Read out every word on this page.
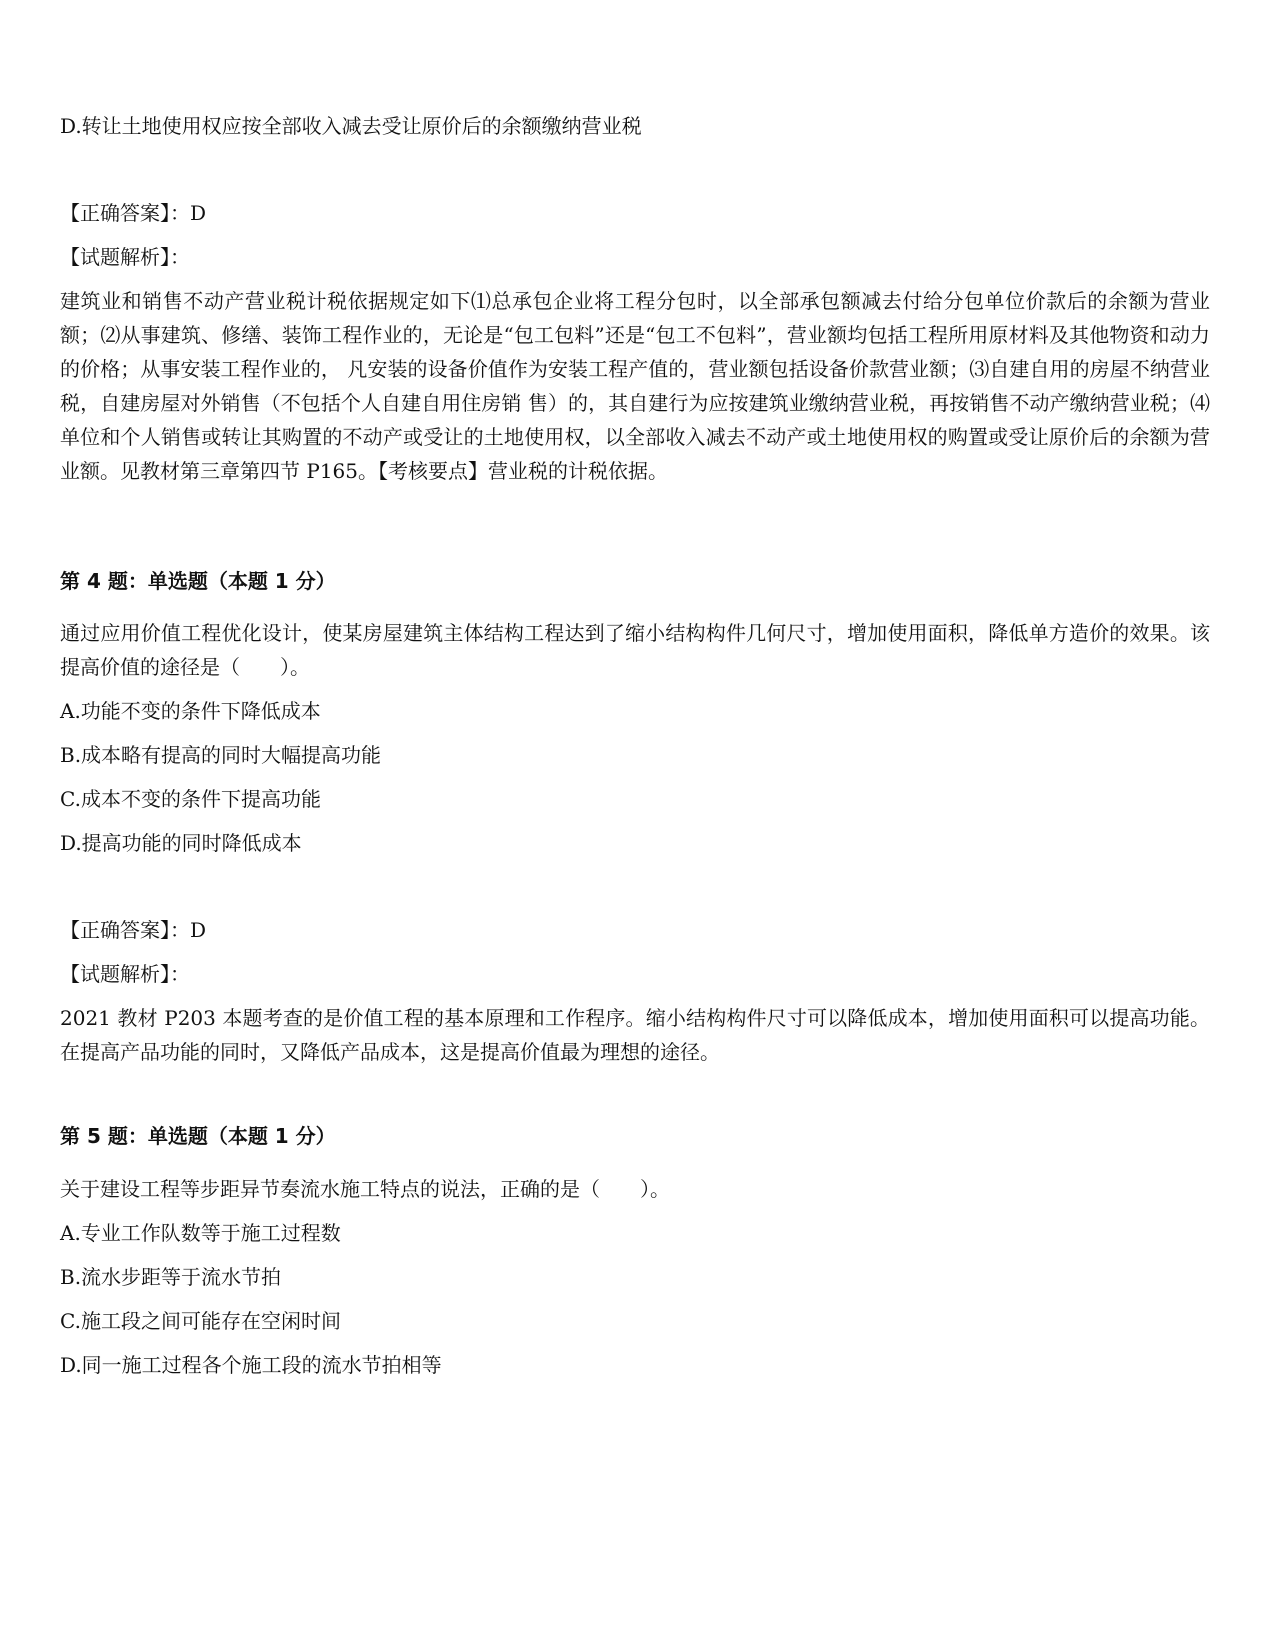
D.转让土地使用权应按全部收入减去受让原价后的余额缴纳营业税
【正确答案】：D
【试题解析】：
建筑业和销售不动产营业税计税依据规定如下⑴总承包企业将工程分包时，以全部承包额减去付给分包单位价款后的余额为营业额；⑵从事建筑、修缮、装饰工程作业的，无论是“包工包料”还是“包工不包料”，营业额均包括工程所用原材料及其他物资和动力的价格；从事安装工程作业的， 凡安装的设备价值作为安装工程产值的，营业额包括设备价款营业额；⑶自建自用的房屋不纳营业税，自建房屋对外销售（不包括个人自建自用住房销 售）的，其自建行为应按建筑业缴纳营业税，再按销售不动产缴纳营业税；⑷单位和个人销售或转让其购置的不动产或受让的土地使用权，以全部收入减去不动产或土地使用权的购置或受让原价后的余额为营业额。见教材第三章第四节 P165。【考核要点】营业税的计税依据。
第 4 题：单选题（本题 1 分）
通过应用价值工程优化设计，使某房屋建筑主体结构工程达到了缩小结构构件几何尺寸，增加使用面积，降低单方造价的效果。该提高价值的途径是（　　）。
A.功能不变的条件下降低成本
B.成本略有提高的同时大幅提高功能
C.成本不变的条件下提高功能
D.提高功能的同时降低成本
【正确答案】：D
【试题解析】：
2021 教材 P203 本题考查的是价值工程的基本原理和工作程序。缩小结构构件尺寸可以降低成本，增加使用面积可以提高功能。在提高产品功能的同时，又降低产品成本，这是提高价值最为理想的途径。
第 5 题：单选题（本题 1 分）
关于建设工程等步距异节奏流水施工特点的说法，正确的是（　　）。
A.专业工作队数等于施工过程数
B.流水步距等于流水节拍
C.施工段之间可能存在空闲时间
D.同一施工过程各个施工段的流水节拍相等
